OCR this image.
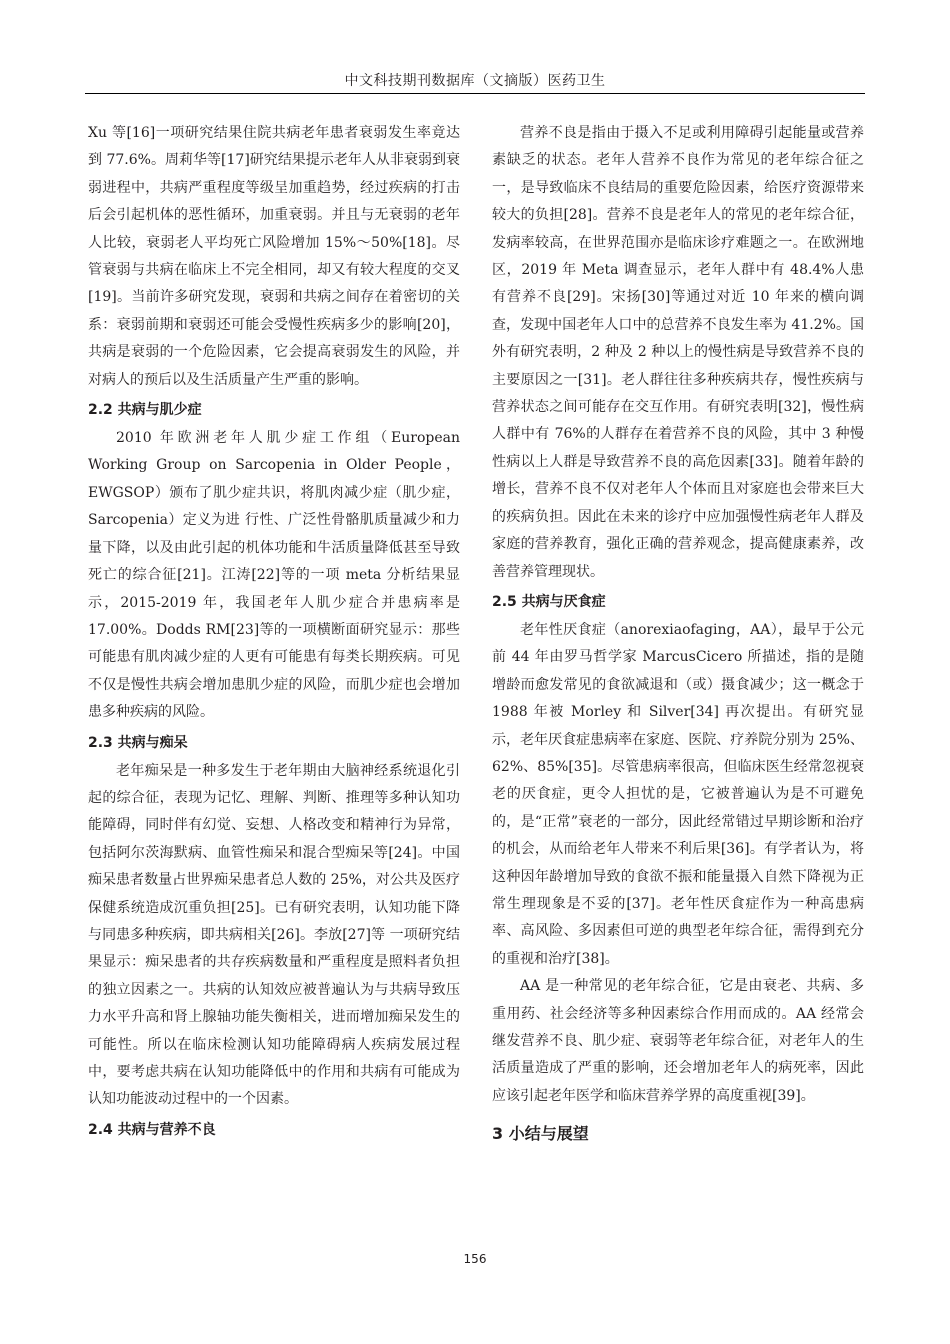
中文科技期刊数据库（文摘版）医药卫生

Xu 等[16]一项研究结果住院共病老年患者衰弱发生率竟达到 77.6%。周莉华等[17]研究结果提示老年人从非衰弱到衰弱进程中，共病严重程度等级呈加重趋势，经过疾病的打击后会引起机体的恶性循环，加重衰弱。并且与无衰弱的老年人比较，衰弱老人平均死亡风险增加 15%～50%[18]。尽管衰弱与共病在临床上不完全相同，却又有较大程度的交叉[19]。当前许多研究发现，衰弱和共病之间存在着密切的关系：衰弱前期和衰弱还可能会受慢性疾病多少的影响[20]，共病是衰弱的一个危险因素，它会提高衰弱发生的风险，并对病人的预后以及生活质量产生严重的影响。

2.2 共病与肌少症

2010 年欧洲老年人肌少症工作组（European Working Group on Sarcopenia in Older People，EWGSOP）颁布了肌少症共识，将肌肉减少症（肌少症，Sarcopenia）定义为进 行性、广泛性骨骼肌质量减少和力量下降，以及由此引起的机体功能和牛活质量降低甚至导致死亡的综合征[21]。江涛[22]等的一项 meta 分析结果显示，2015-2019 年，我国老年人肌少症合并患病率是 17.00%。Dodds RM[23]等的一项横断面研究显示：那些可能患有肌肉减少症的人更有可能患有每类长期疾病。可见不仅是慢性共病会增加患肌少症的风险，而肌少症也会增加患多种疾病的风险。

2.3 共病与痴呆

老年痴呆是一种多发生于老年期由大脑神经系统退化引起的综合征，表现为记忆、理解、判断、推理等多种认知功能障碍，同时伴有幻觉、妄想、人格改变和精神行为异常，包括阿尔茨海默病、血管性痴呆和混合型痴呆等[24]。中国痴呆患者数量占世界痴呆患者总人数的 25%，对公共及医疗保健系统造成沉重负担[25]。已有研究表明，认知功能下降与同患多种疾病，即共病相关[26]。李放[27]等 一项研究结果显示：痴呆患者的共存疾病数量和严重程度是照料者负担的独立因素之一。共病的认知效应被普遍认为与共病导致压力水平升高和肾上腺轴功能失衡相关，进而增加痴呆发生的可能性。所以在临床检测认知功能障碍病人疾病发展过程中，要考虑共病在认知功能降低中的作用和共病有可能成为认知功能波动过程中的一个因素。

2.4 共病与营养不良

营养不良是指由于摄入不足或利用障碍引起能量或营养素缺乏的状态。老年人营养不良作为常见的老年综合征之一，是导致临床不良结局的重要危险因素，给医疗资源带来较大的负担[28]。营养不良是老年人的常见的老年综合征，发病率较高，在世界范围亦是临床诊疗难题之一。在欧洲地区，2019 年 Meta 调查显示，老年人群中有 48.4%人患有营养不良[29]。宋扬[30]等通过对近 10 年来的横向调查，发现中国老年人口中的总营养不良发生率为 41.2%。国外有研究表明，2 种及 2 种以上的慢性病是导致营养不良的主要原因之一[31]。老人群往往多种疾病共存，慢性疾病与营养状态之间可能存在交互作用。有研究表明[32]，慢性病人群中有 76%的人群存在着营养不良的风险，其中 3 种慢性病以上人群是导致营养不良的高危因素[33]。随着年龄的增长，营养不良不仅对老年人个体而且对家庭也会带来巨大的疾病负担。因此在未来的诊疗中应加强慢性病老年人群及家庭的营养教育，强化正确的营养观念，提高健康素养，改善营养管理现状。

2.5 共病与厌食症

老年性厌食症（anorexiaofaging，AA），最早于公元前 44 年由罗马哲学家 MarcusCicero 所描述，指的是随增龄而愈发常见的食欲减退和（或）摄食减少；这一概念于 1988 年被 Morley 和 Silver[34] 再次提出。有研究显示，老年厌食症患病率在家庭、医院、疗养院分别为 25%、62%、85%[35]。尽管患病率很高，但临床医生经常忽视衰老的厌食症，更令人担忧的是，它被普遍认为是不可避免的，是“正常”衰老的一部分，因此经常错过早期诊断和治疗的机会，从而给老年人带来不利后果[36]。有学者认为，将这种因年龄增加导致的食欲不振和能量摄入自然下降视为正常生理现象是不妥的[37]。老年性厌食症作为一种高患病率、高风险、多因素但可逆的典型老年综合征，需得到充分的重视和治疗[38]。

AA 是一种常见的老年综合征，它是由衰老、共病、多重用药、社会经济等多种因素综合作用而成的。AA 经常会继发营养不良、肌少症、衰弱等老年综合征，对老年人的生活质量造成了严重的影响，还会增加老年人的病死率，因此应该引起老年医学和临床营养学界的高度重视[39]。

3 小结与展望
156
